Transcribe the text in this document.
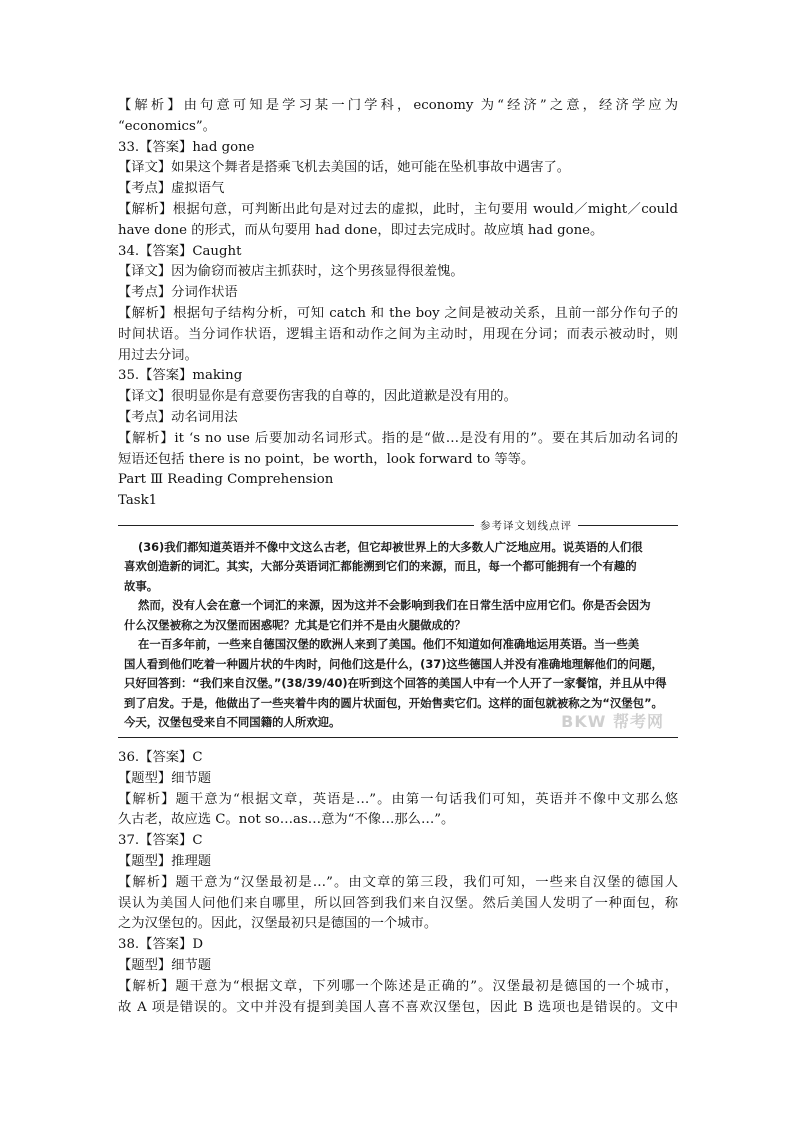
【解析】由句意可知是学习某一门学科，economy 为“经济”之意，经济学应为
“economics”。
33.【答案】had gone
【译文】如果这个舞者是搭乘飞机去美国的话，她可能在坠机事故中遇害了。
【考点】虚拟语气
【解析】根据句意，可判断出此句是对过去的虚拟，此时，主句要用 would／might／could
have done 的形式，而从句要用 had done，即过去完成时。故应填 had gone。
34.【答案】Caught
【译文】因为偷窃而被店主抓获时，这个男孩显得很羞愧。
【考点】分词作状语
【解析】根据句子结构分析，可知 catch 和 the boy 之间是被动关系，且前一部分作句子的
时间状语。当分词作状语，逻辑主语和动作之间为主动时，用现在分词；而表示被动时，则
用过去分词。
35.【答案】making
【译文】很明显你是有意要伤害我的自尊的，因此道歉是没有用的。
【考点】动名词用法
【解析】it ‘s no use 后要加动名词形式。指的是“做…是没有用的”。要在其后加动名词的
短语还包括 there is no point，be worth，look forward to 等等。
Part Ⅲ Reading Comprehension
Task1
参考译文划线点评
(36)我们都知道英语并不像中文这么古老，但它却被世界上的大多数人广泛地应用。说英语的人们很
喜欢创造新的词汇。其实，大部分英语词汇都能溯到它们的来源，而且，每一个都可能拥有一个有趣的
故事。
然而，没有人会在意一个词汇的来源，因为这并不会影响到我们在日常生活中应用它们。你是否会因为
什么汉堡被称之为汉堡而困惑呢？尤其是它们并不是由火腿做成的？
在一百多年前，一些来自德国汉堡的欧洲人来到了美国。他们不知道如何准确地运用英语。当一些美
国人看到他们吃着一种圆片状的牛肉时，问他们这是什么，(37)这些德国人并没有准确地理解他们的问题，
只好回答到：“我们来自汉堡。”(38/39/40)在听到这个回答的美国人中有一个人开了一家餐馆，并且从中得
到了启发。于是，他做出了一些夹着牛肉的圆片状面包，开始售卖它们。这样的面包就被称之为“汉堡包”。
今天，汉堡包受来自不同国籍的人所欢迎。	BKW 帮考网
36.【答案】C
【题型】细节题
【解析】题干意为“根据文章，英语是…”。由第一句话我们可知，英语并不像中文那么悠
久古老，故应选 C。not so…as…意为“不像…那么…”。
37.【答案】C
【题型】推理题
【解析】题干意为“汉堡最初是…”。由文章的第三段，我们可知，一些来自汉堡的德国人
误认为美国人问他们来自哪里，所以回答到我们来自汉堡。然后美国人发明了一种面包，称
之为汉堡包的。因此，汉堡最初只是德国的一个城市。
38.【答案】D
【题型】细节题
【解析】题干意为“根据文章，下列哪一个陈述是正确的”。汉堡最初是德国的一个城市，
故 A 项是错误的。文中并没有提到美国人喜不喜欢汉堡包，因此 B 选项也是错误的。文中
